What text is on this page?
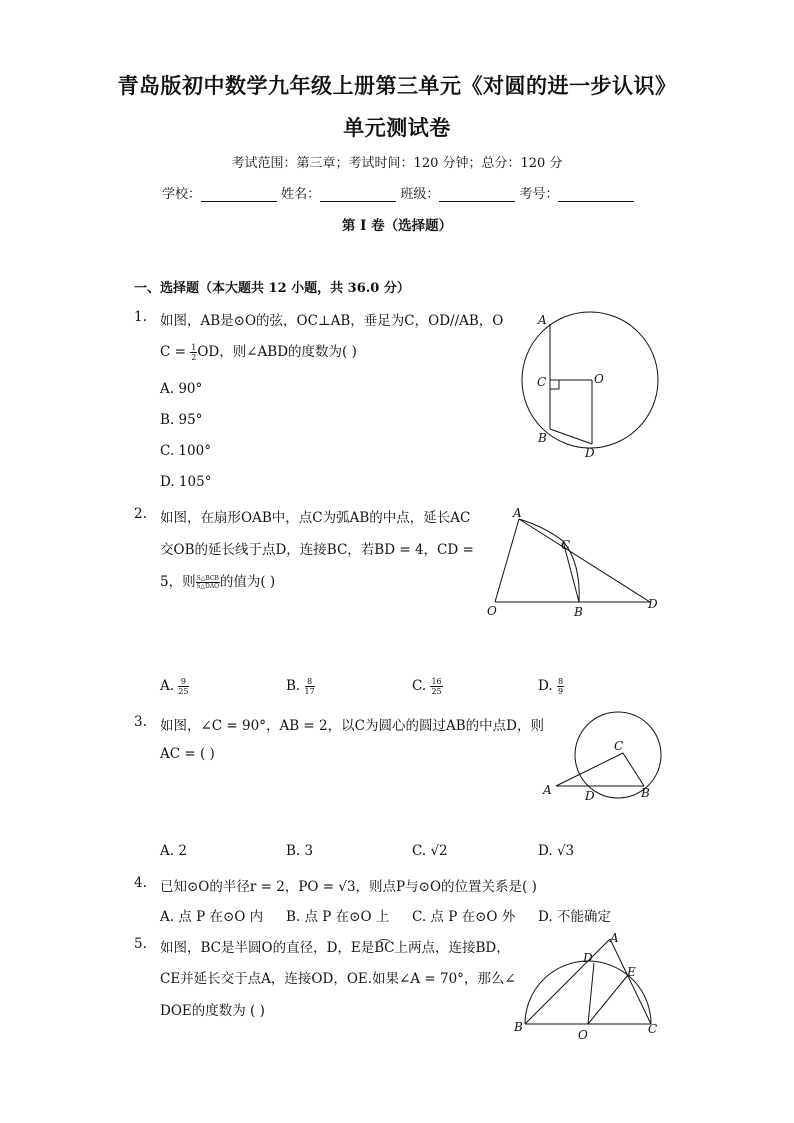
青岛版初中数学九年级上册第三单元《对圆的进一步认识》
单元测试卷
考试范围：第三章；考试时间：120 分钟；总分：120 分
学校：	姓名：	班级：	考号：
第 I 卷（选择题）
一、选择题（本大题共 12 小题，共 36.0 分）
1. 如图，AB是⊙O的弦，OC⊥AB，垂足为C，OD//AB，O
$C = \frac{1}{2}$ OD，则∠ABD的度数为( )
A. 90°
B. 95°
C. 100°
D. 105°
A
C	O
B
D
2. 如图，在扇形OAB中，点C为弧AB的中点，延长AC
交OB的延长线于点D，连接BC，若BD = 4，CD =
5，则 $\frac{\text{S△BCB}}{\text{S△DAO}}$ 的值为( )
A
C
O	B
D
A. $\frac{9}{25}$	B. $\frac{8}{17}$	C. $\frac{16}{25}$	D. $\frac{8}{9}$
3. 如图，∠C = 90°，AB = 2，以C为圆心的圆过AB的中点D，则
AC = ( )	C
A	D	B
A. 2	B. 3	C. √2	D. √3
4. 已知⊙O的半径r = 2，PO = √3，则点P与⊙O的位置关系是( )
A. 点 P 在⊙O 内 B. 点 P 在⊙O 上 C. 点 P 在⊙O 外 D. 不能确定
5. 如图，BC是半圆O的直径，D，E是B͡C上两点，连接BD，
CE并延长交于点A，连接OD，OE.如果∠A = 70°，那么∠
DOE的度数为 ( )
A
D
E
B
O	C
